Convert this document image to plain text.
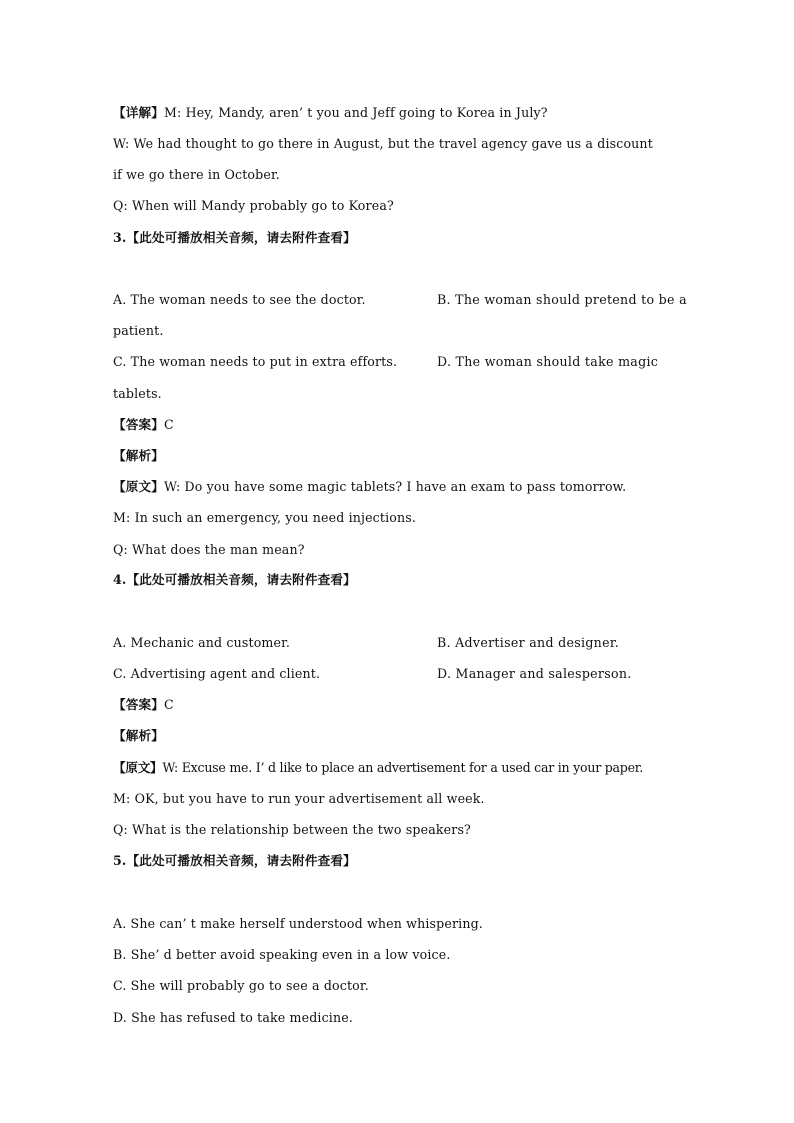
【详解】M: Hey, Mandy, aren’ t you and Jeff going to Korea in July?
W: We had thought to go there in August, but the travel agency gave us a discount
if we go there in October.
Q: When will Mandy probably go to Korea?
3.【此处可播放相关音频，请去附件查看】
A. The woman needs to see the doctor.	B. The woman should pretend to be a
patient.
C. The woman needs to put in extra efforts.	D. The woman should take magic
tablets.
【答案】C
【解析】
【原文】W: Do you have some magic tablets? I have an exam to pass tomorrow.
M: In such an emergency, you need injections.
Q: What does the man mean?
4.【此处可播放相关音频，请去附件查看】
A. Mechanic and customer.	B. Advertiser and designer.
C. Advertising agent and client.	D. Manager and salesperson.
【答案】C
【解析】
【原文】W: Excuse me. I’ d like to place an advertisement for a used car in your paper.
M: OK, but you have to run your advertisement all week.
Q: What is the relationship between the two speakers?
5.【此处可播放相关音频，请去附件查看】
A. She can’ t make herself understood when whispering.
B. She’ d better avoid speaking even in a low voice.
C. She will probably go to see a doctor.
D. She has refused to take medicine.
